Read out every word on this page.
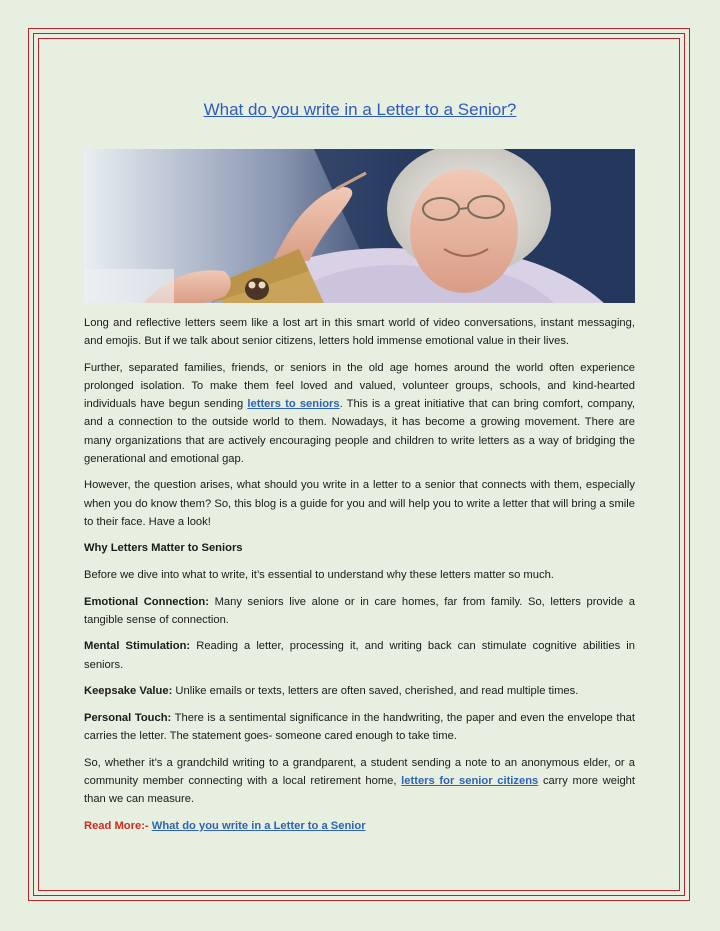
What do you write in a Letter to a Senior?

Long and reflective letters seem like a lost art in this smart world of video conversations, instant messaging, and emojis. But if we talk about senior citizens, letters hold immense emotional value in their lives.

Further, separated families, friends, or seniors in the old age homes around the world often experience prolonged isolation. To make them feel loved and valued, volunteer groups, schools, and kind-hearted individuals have begun sending letters to seniors. This is a great initiative that can bring comfort, company, and a connection to the outside world to them. Nowadays, it has become a growing movement. There are many organizations that are actively encouraging people and children to write letters as a way of bridging the generational and emotional gap.

However, the question arises, what should you write in a letter to a senior that connects with them, especially when you do know them? So, this blog is a guide for you and will help you to write a letter that will bring a smile to their face. Have a look!

Why Letters Matter to Seniors

Before we dive into what to write, it’s essential to understand why these letters matter so much.

Emotional Connection: Many seniors live alone or in care homes, far from family. So, letters provide a tangible sense of connection.

Mental Stimulation: Reading a letter, processing it, and writing back can stimulate cognitive abilities in seniors.

Keepsake Value: Unlike emails or texts, letters are often saved, cherished, and read multiple times.

Personal Touch: There is a sentimental significance in the handwriting, the paper and even the envelope that carries the letter. The statement goes- someone cared enough to take time.

So, whether it’s a grandchild writing to a grandparent, a student sending a note to an anonymous elder, or a community member connecting with a local retirement home, letters for senior citizens carry more weight than we can measure.

Read More:- What do you write in a Letter to a Senior
